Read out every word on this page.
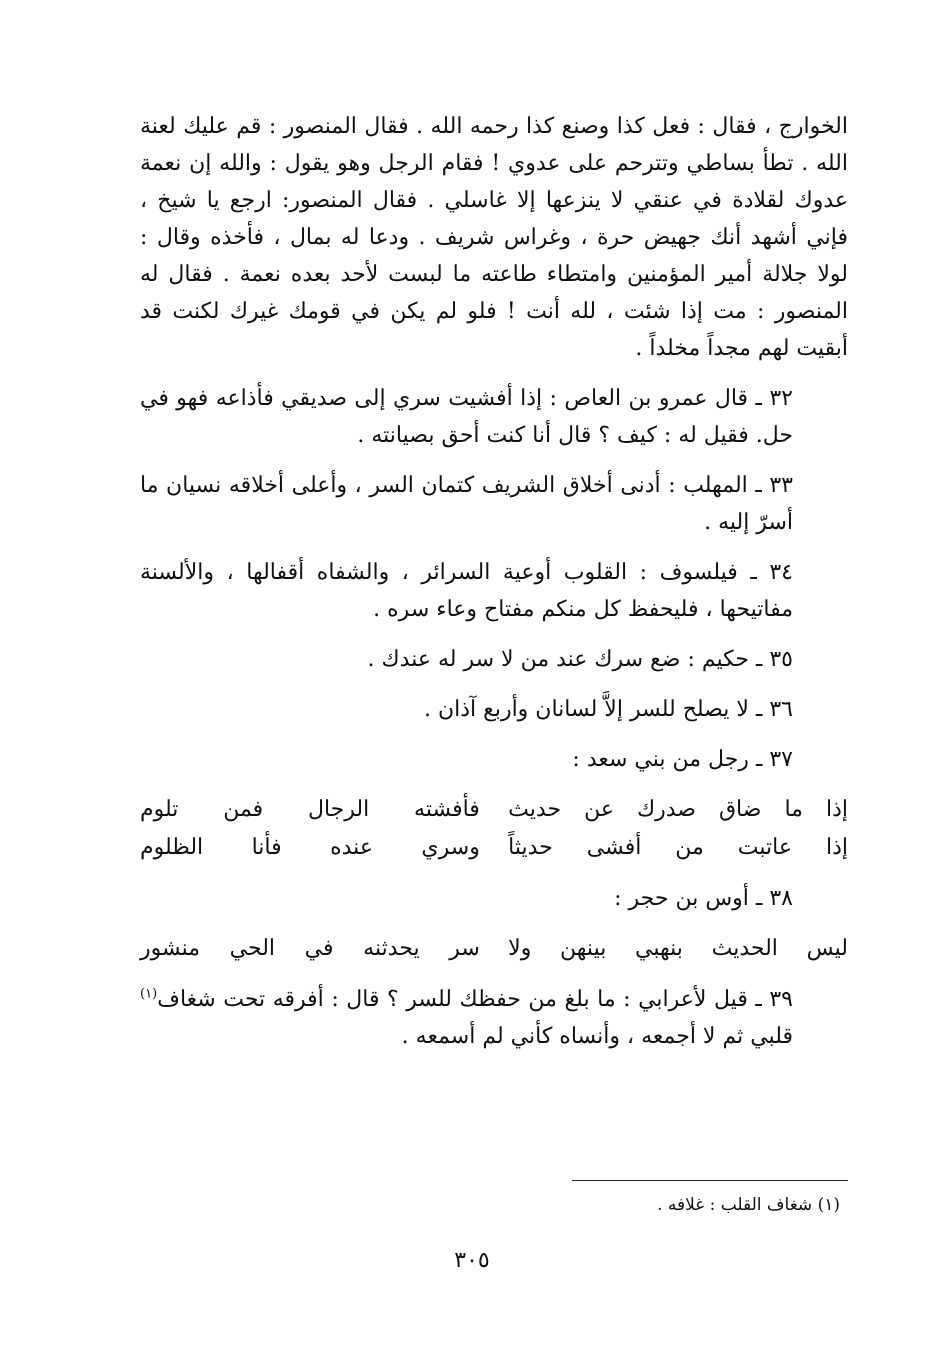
الخوارج ، فقال : فعل كذا وصنع كذا رحمه الله . فقال المنصور : قم عليك لعنة الله . تطأ بساطي وتترحم على عدوي ! فقام الرجل وهو يقول : والله إن نعمة عدوك لقلادة في عنقي لا ينزعها إلا غاسلي . فقال المنصور: ارجع يا شيخ ، فإني أشهد أنك جهيض حرة ، وغراس شريف . ودعا له بمال ، فأخذه وقال : لولا جلالة أمير المؤمنين وامتطاء طاعته ما لبست لأحد بعده نعمة . فقال له المنصور : مت إذا شئت ، لله أنت ! فلو لم يكن في قومك غيرك لكنت قد أبقيت لهم مجداً مخلداً .

٣٢ ـ قال عمرو بن العاص : إذا أفشيت سري إلى صديقي فأذاعه فهو في حل. فقيل له : كيف ؟ قال أنا كنت أحق بصيانته .

٣٣ ـ المهلب : أدنى أخلاق الشريف كتمان السر ، وأعلى أخلاقه نسيان ما أسرّ إليه .

٣٤ ـ فيلسوف : القلوب أوعية السرائر ، والشفاه أقفالها ، والألسنة مفاتيحها ، فليحفظ كل منكم مفتاح وعاء سره .

٣٥ ـ حكيم : ضع سرك عند من لا سر له عندك .

٣٦ ـ لا يصلح للسر إلاَّ لسانان وأربع آذان .

٣٧ ـ رجل من بني سعد :

إذا ما ضاق صدرك عن حديث
فأفشته الرجال فمن تلوم
إذا عاتبت من أفشى حديثاً
وسري عنده فأنا الظلوم

٣٨ ـ أوس بن حجر :

ليس الحديث بنهبي بينهن ولا
سر يحدثنه في الحي منشور

٣٩ ـ قيل لأعرابي : ما بلغ من حفظك للسر ؟ قال : أفرقه تحت شغاف$^{(١)}$ قلبي ثم لا أجمعه ، وأنساه كأني لم أسمعه .

(١) شغاف القلب : غلافه .
٣٠٥
